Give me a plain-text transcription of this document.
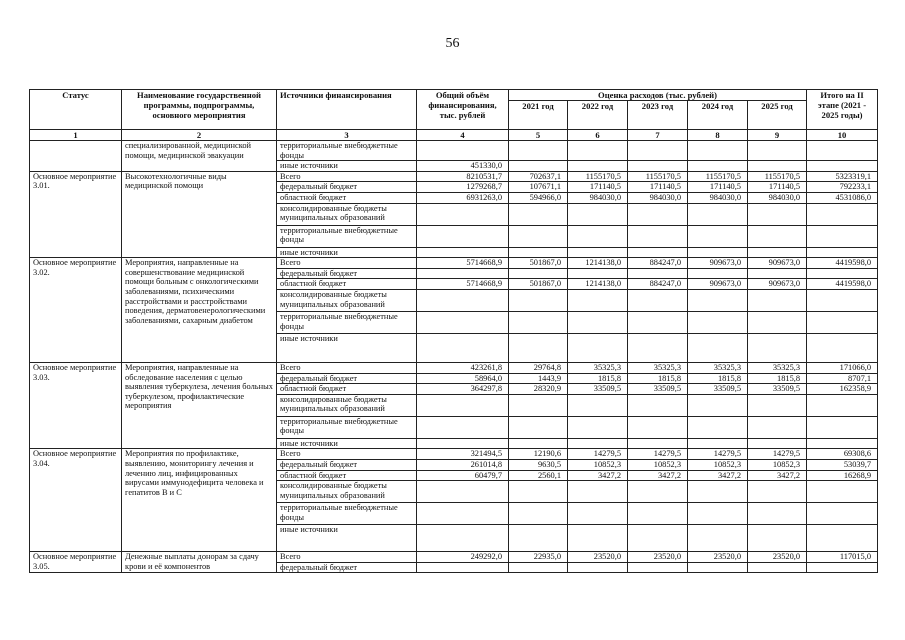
56
Статус	Наименование государственной программы, подпрограммы, основного мероприятия	Источники финансирования	Общий объём финансирования, тыс. рублей	Оценка расходов (тыс. рублей)					Итого на II этапе (2021 - 2025 годы)
				2021 год	2022 год	2023 год	2024 год	2025 год	
1	2	3	4	5	6	7	8	9	10
	специализированной, медицинской помощи, медицинской эвакуации	территориальные внебюджетные фонды							
		иные источники	451330,0						
Основное мероприятие 3.01.	Высокотехнологичные виды медицинской помощи	Всего	8210531,7	702637,1	1155170,5	1155170,5	1155170,5	1155170,5	5323319,1
		федеральный бюджет	1279268,7	107671,1	171140,5	171140,5	171140,5	171140,5	792233,1
		областной бюджет	6931263,0	594966,0	984030,0	984030,0	984030,0	984030,0	4531086,0
		консолидированные бюджеты муниципальных образований							
		территориальные внебюджетные фонды							
		иные источники							
Основное мероприятие 3.02.	Мероприятия, направленные на совершенствование медицинской помощи больным с онкологическими заболеваниями, психическими расстройствами и расстройствами поведения, дерматовенерологическими заболеваниями, сахарным диабетом	Всего	5714668,9	501867,0	1214138,0	884247,0	909673,0	909673,0	4419598,0
		федеральный бюджет							
		областной бюджет	5714668,9	501867,0	1214138,0	884247,0	909673,0	909673,0	4419598,0
		консолидированные бюджеты муниципальных образований							
		территориальные внебюджетные фонды							
		иные источники							
Основное мероприятие 3.03.	Мероприятия, направленные на обследование населения с целью выявления туберкулеза, лечения больных туберкулезом, профилактические мероприятия	Всего	423261,8	29764,8	35325,3	35325,3	35325,3	35325,3	171066,0
		федеральный бюджет	58964,0	1443,9	1815,8	1815,8	1815,8	1815,8	8707,1
		областной бюджет	364297,8	28320,9	33509,5	33509,5	33509,5	33509,5	162358,9
		консолидированные бюджеты муниципальных образований							
		территориальные внебюджетные фонды							
		иные источники							
Основное мероприятие 3.04.	Мероприятия по профилактике, выявлению, мониторингу лечения и лечению лиц, инфицированных вирусами иммунодефицита человека и гепатитов В и С	Всего	321494,5	12190,6	14279,5	14279,5	14279,5	14279,5	69308,6
		федеральный бюджет	261014,8	9630,5	10852,3	10852,3	10852,3	10852,3	53039,7
		областной бюджет	60479,7	2560,1	3427,2	3427,2	3427,2	3427,2	16268,9
		консолидированные бюджеты муниципальных образований							
		территориальные внебюджетные фонды							
		иные источники							
Основное мероприятие 3.05.	Денежные выплаты донорам за сдачу крови и её компонентов	Всего	249292,0	22935,0	23520,0	23520,0	23520,0	23520,0	117015,0
		федеральный бюджет							
